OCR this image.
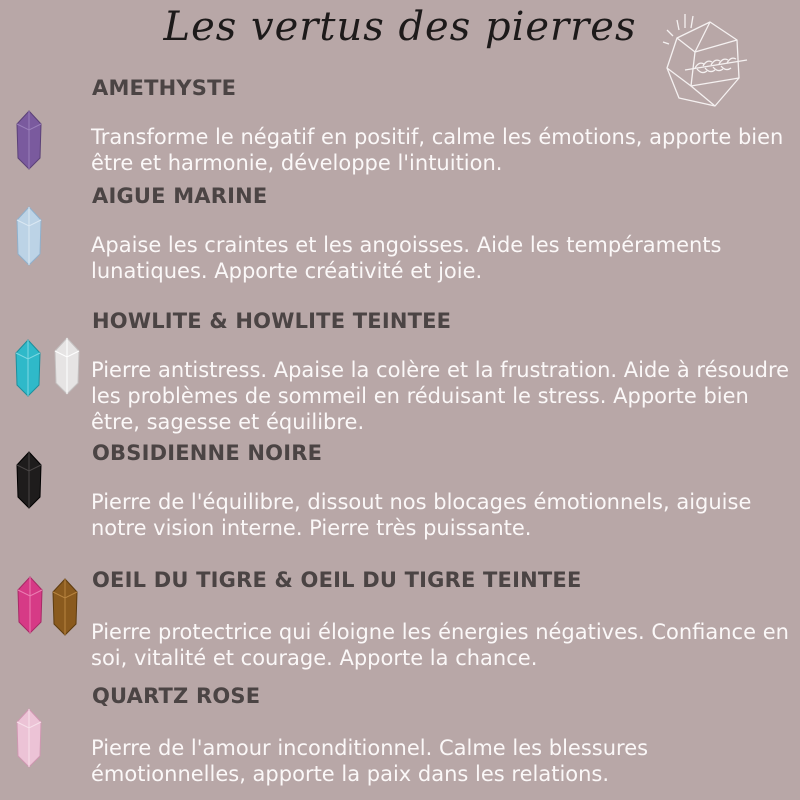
Les vertus des pierres
AMETHYSTE

Transforme le négatif en positif, calme les émotions, apporte bien être et harmonie, développe l'intuition.

AIGUE MARINE

Apaise les craintes et les angoisses. Aide les tempéraments lunatiques. Apporte créativité et joie.

HOWLITE & HOWLITE TEINTEE

Pierre antistress. Apaise la colère et la frustration. Aide à résoudre les problèmes de sommeil en réduisant le stress. Apporte bien être, sagesse et équilibre.

OBSIDIENNE NOIRE

Pierre de l'équilibre, dissout nos blocages émotionnels, aiguise notre vision interne. Pierre très puissante.

OEIL DU TIGRE & OEIL DU TIGRE TEINTEE

Pierre protectrice qui éloigne les énergies négatives. Confiance en soi, vitalité et courage. Apporte la chance.

QUARTZ ROSE

Pierre de l'amour inconditionnel. Calme les blessures émotionnelles, apporte la paix dans les relations.
